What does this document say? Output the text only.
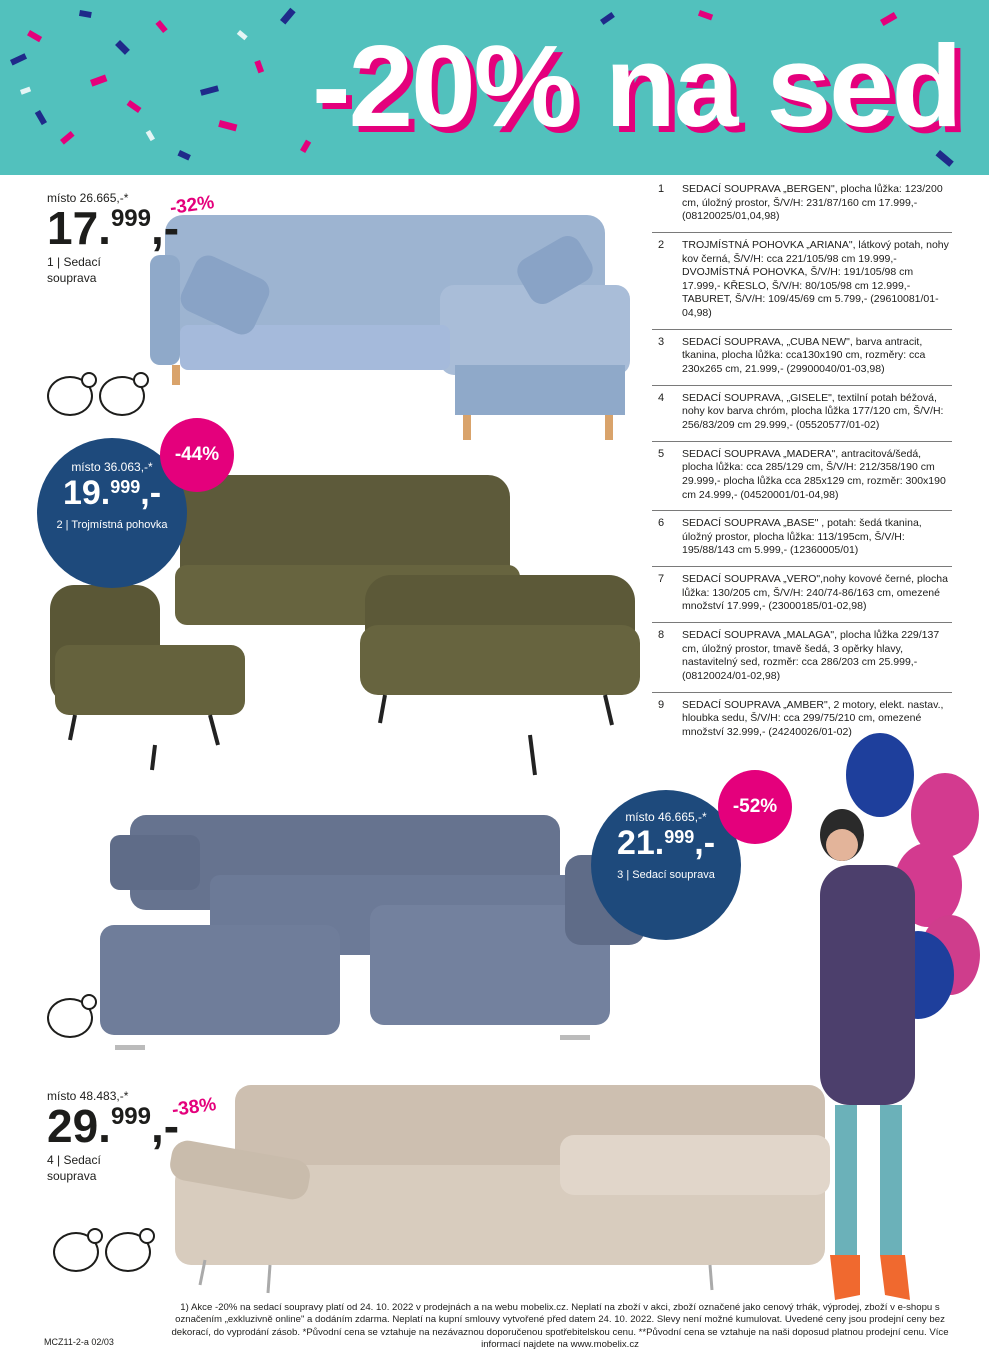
-20% na sed
místo 26.665,-*
17.999,-
1 | Sedací
souprava
-32%
místo 36.063,-*
19.999,-
2 | Trojmístná pohovka
-44%
místo 46.665,-*
21.999,-
3 | Sedací souprava
-52%
místo 48.483,-*
29.999,-
4 | Sedací
souprava
-38%
1	SEDACÍ SOUPRAVA „BERGEN", plocha lůžka: 123/200 cm, úložný prostor, Š/V/H: 231/87/160 cm 17.999,- (08120025/01,04,98)
2	TROJMÍSTNÁ POHOVKA „ARIANA", látkový potah, nohy kov černá, Š/V/H: cca 221/105/98 cm 19.999,- DVOJMÍSTNÁ POHOVKA, Š/V/H: 191/105/98 cm 17.999,- KŘESLO, Š/V/H: 80/105/98 cm 12.999,- TABURET, Š/V/H: 109/45/69 cm 5.799,- (29610081/01-04,98)
3	SEDACÍ SOUPRAVA, „CUBA NEW", barva antracit, tkanina, plocha lůžka: cca130x190 cm, rozměry: cca 230x265 cm, 21.999,- (29900040/01-03,98)
4	SEDACÍ SOUPRAVA, „GISELE", textilní potah béžová, nohy kov barva chróm, plocha lůžka 177/120 cm, Š/V/H: 256/83/209 cm 29.999,- (05520577/01-02)
5	SEDACÍ SOUPRAVA „MADERA", antracitová/šedá, plocha lůžka: cca 285/129 cm, Š/V/H: 212/358/190 cm 29.999,- plocha lůžka cca 285x129 cm, rozměr: 300x190 cm 24.999,- (04520001/01-04,98)
6	SEDACÍ SOUPRAVA „BASE" , potah: šedá tkanina, úložný prostor, plocha lůžka: 113/195cm, Š/V/H: 195/88/143 cm 5.999,- (12360005/01)
7	SEDACÍ SOUPRAVA „VERO",nohy kovové černé, plocha lůžka: 130/205 cm, Š/V/H: 240/74-86/163 cm, omezené množství 17.999,- (23000185/01-02,98)
8	SEDACÍ SOUPRAVA „MALAGA", plocha lůžka 229/137 cm, úložný prostor, tmavě šedá, 3 opěrky hlavy, nastavitelný sed, rozměr: cca 286/203 cm 25.999,- (08120024/01-02,98)
9	SEDACÍ SOUPRAVA „AMBER", 2 motory, elekt. nastav., hloubka sedu, Š/V/H: cca 299/75/210 cm, omezené množství 32.999,- (24240026/01-02)
1) Akce -20% na sedací soupravy platí od 24. 10. 2022 v prodejnách a na webu mobelix.cz. Neplatí na zboží v akci, zboží označené jako cenový trhák, výprodej, zboží v e-shopu s označením „exkluzivně online" a dodáním zdarma. Neplatí na kupní smlouvy vytvořené před datem 24. 10. 2022. Slevy není možné kumulovat. Uvedené ceny jsou prodejní ceny bez dekorací, do vyprodání zásob. *Původní cena se vztahuje na nezávaznou doporučenou spotřebitelskou cenu. **Původní cena se vztahuje na naši doposud platnou prodejní cenu. Více informací najdete na www.mobelix.cz
MCZ11-2-a 02/03
